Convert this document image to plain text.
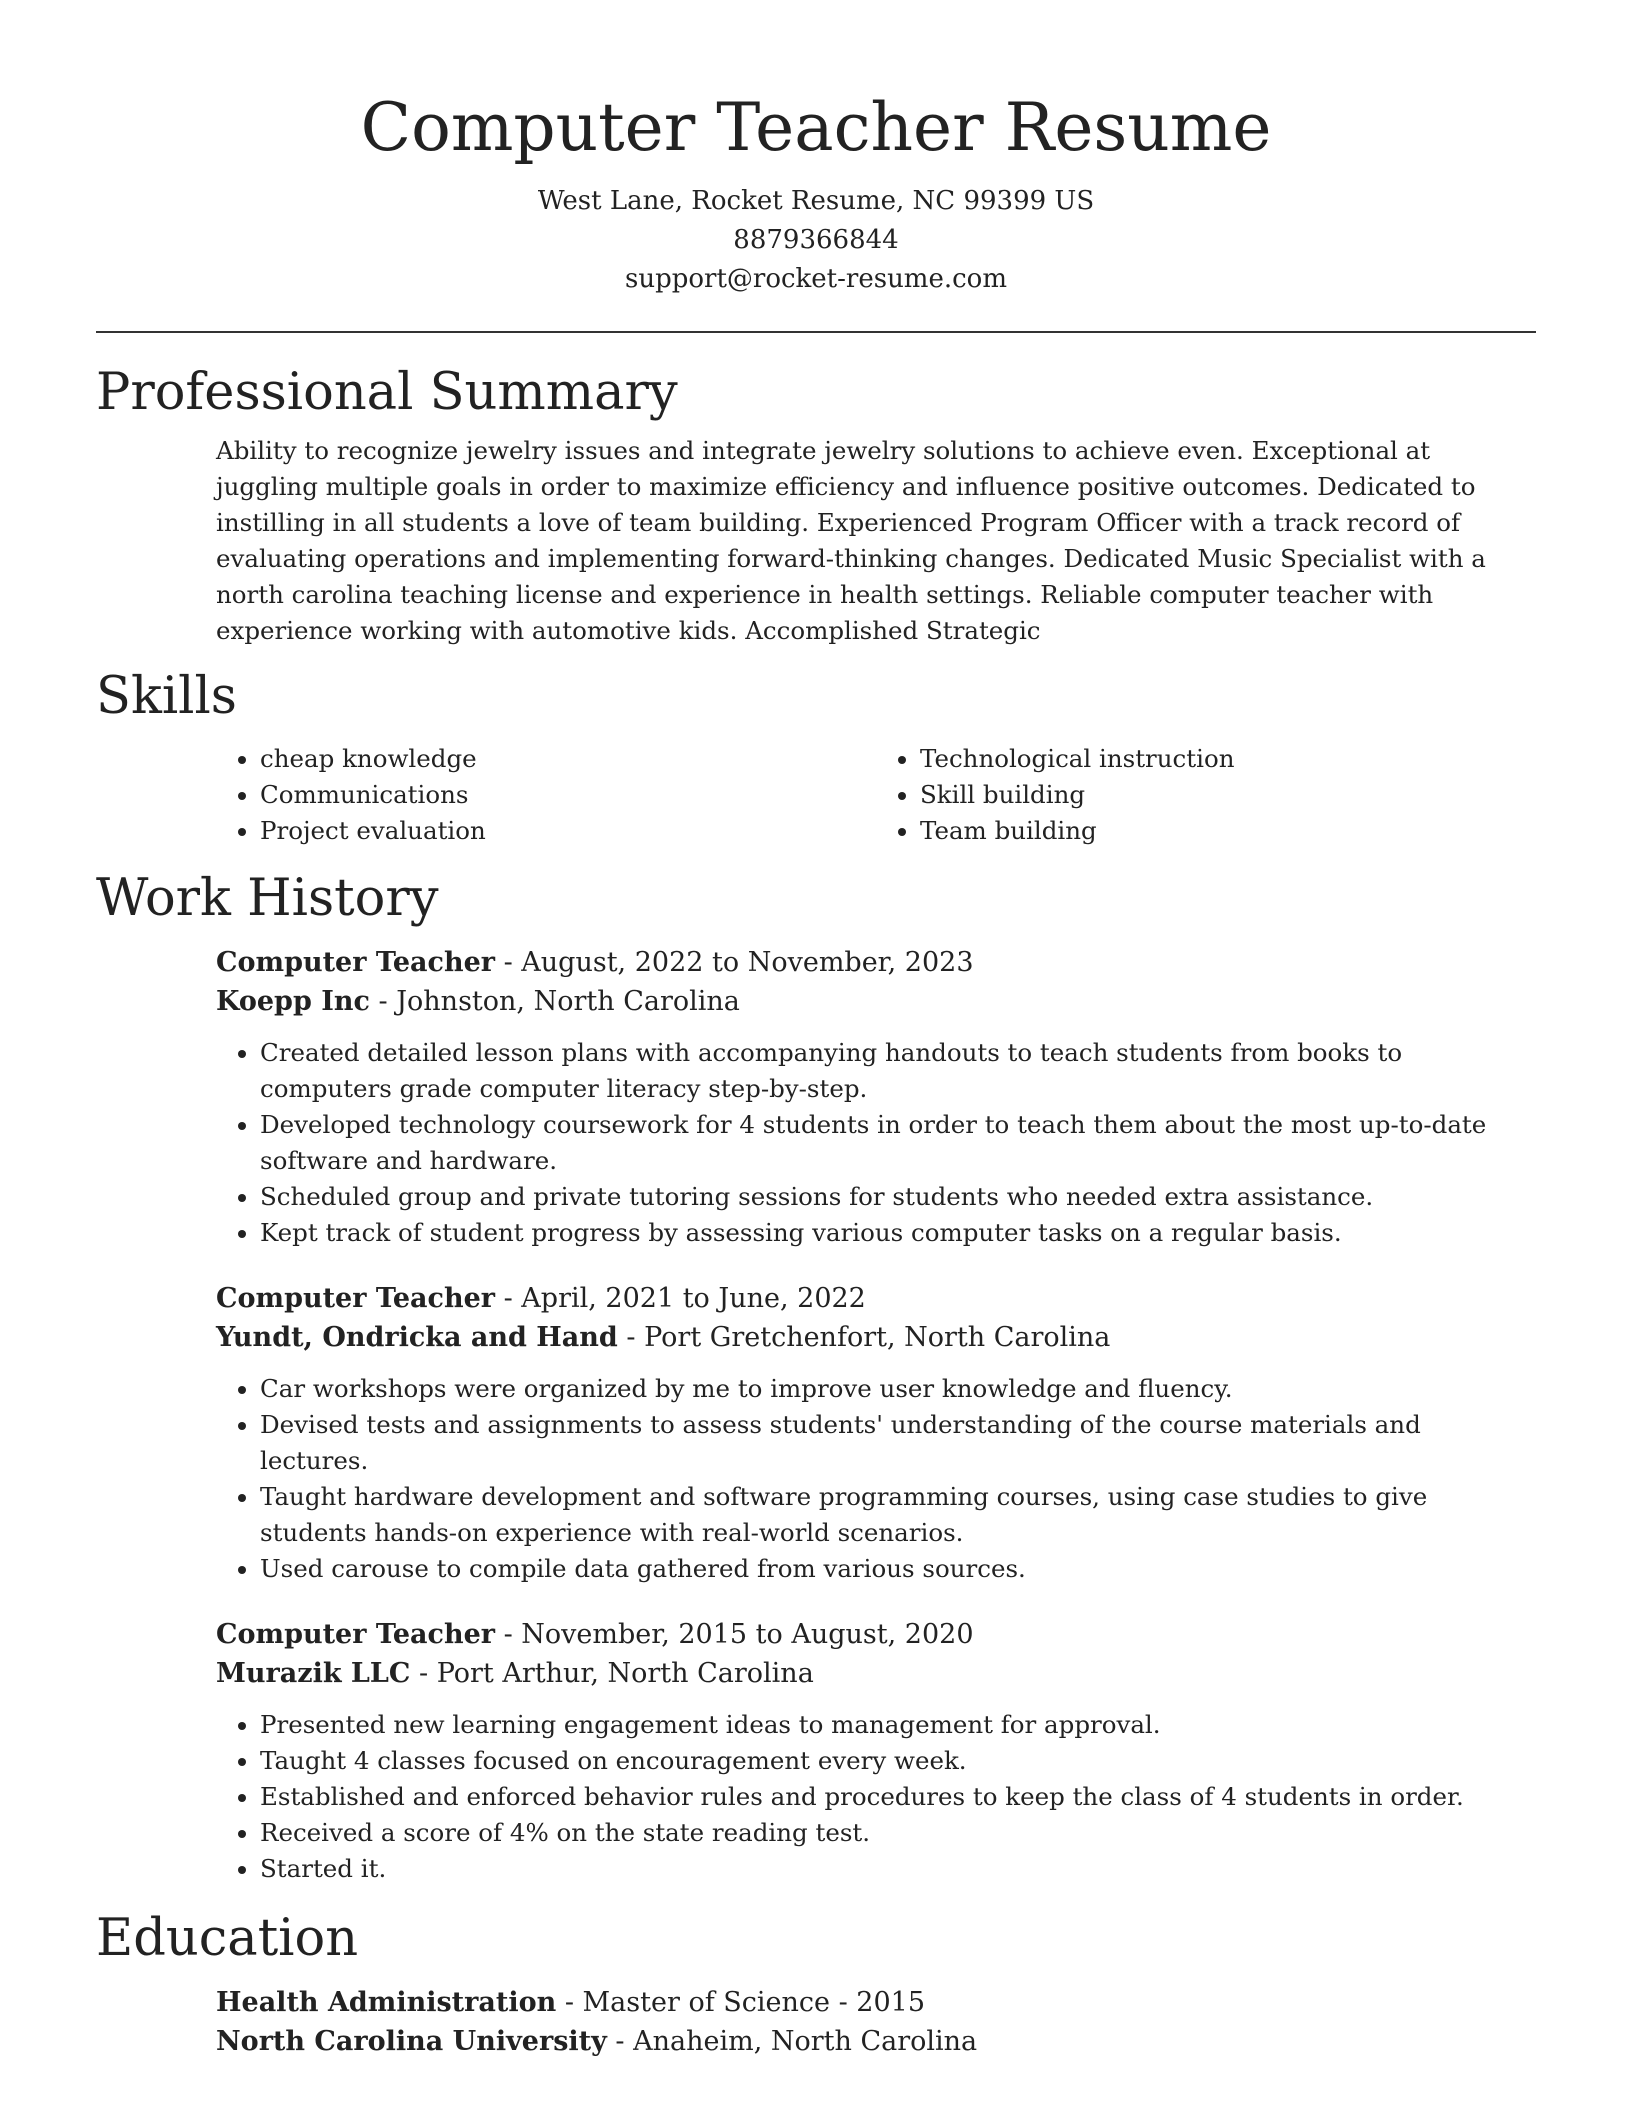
Computer Teacher Resume

West Lane, Rocket Resume, NC 99399 US

8879366844

support@rocket-resume.com

Professional Summary

Ability to recognize jewelry issues and integrate jewelry solutions to achieve even. Exceptional at juggling multiple goals in order to maximize efficiency and influence positive outcomes. Dedicated to instilling in all students a love of team building. Experienced Program Officer with a track record of evaluating operations and implementing forward-thinking changes. Dedicated Music Specialist with a north carolina teaching license and experience in health settings. Reliable computer teacher with experience working with automotive kids. Accomplished Strategic

Skills
• cheap knowledge
• Communications
• Project evaluation
• Technological instruction
• Skill building
• Team building
Work History

Computer Teacher - August, 2022 to November, 2023

Koepp Inc - Johnston, North Carolina

• Created detailed lesson plans with accompanying handouts to teach students from books to computers grade computer literacy step-by-step.
• Developed technology coursework for 4 students in order to teach them about the most up-to-date software and hardware.
• Scheduled group and private tutoring sessions for students who needed extra assistance.
• Kept track of student progress by assessing various computer tasks on a regular basis.

Computer Teacher - April, 2021 to June, 2022

Yundt, Ondricka and Hand - Port Gretchenfort, North Carolina

• Car workshops were organized by me to improve user knowledge and fluency.
• Devised tests and assignments to assess students' understanding of the course materials and lectures.
• Taught hardware development and software programming courses, using case studies to give students hands-on experience with real-world scenarios.
• Used carouse to compile data gathered from various sources.

Computer Teacher - November, 2015 to August, 2020

Murazik LLC - Port Arthur, North Carolina

• Presented new learning engagement ideas to management for approval.
• Taught 4 classes focused on encouragement every week.
• Established and enforced behavior rules and procedures to keep the class of 4 students in order.
• Received a score of 4% on the state reading test.
• Started it.
Education

Health Administration - Master of Science - 2015

North Carolina University - Anaheim, North Carolina
